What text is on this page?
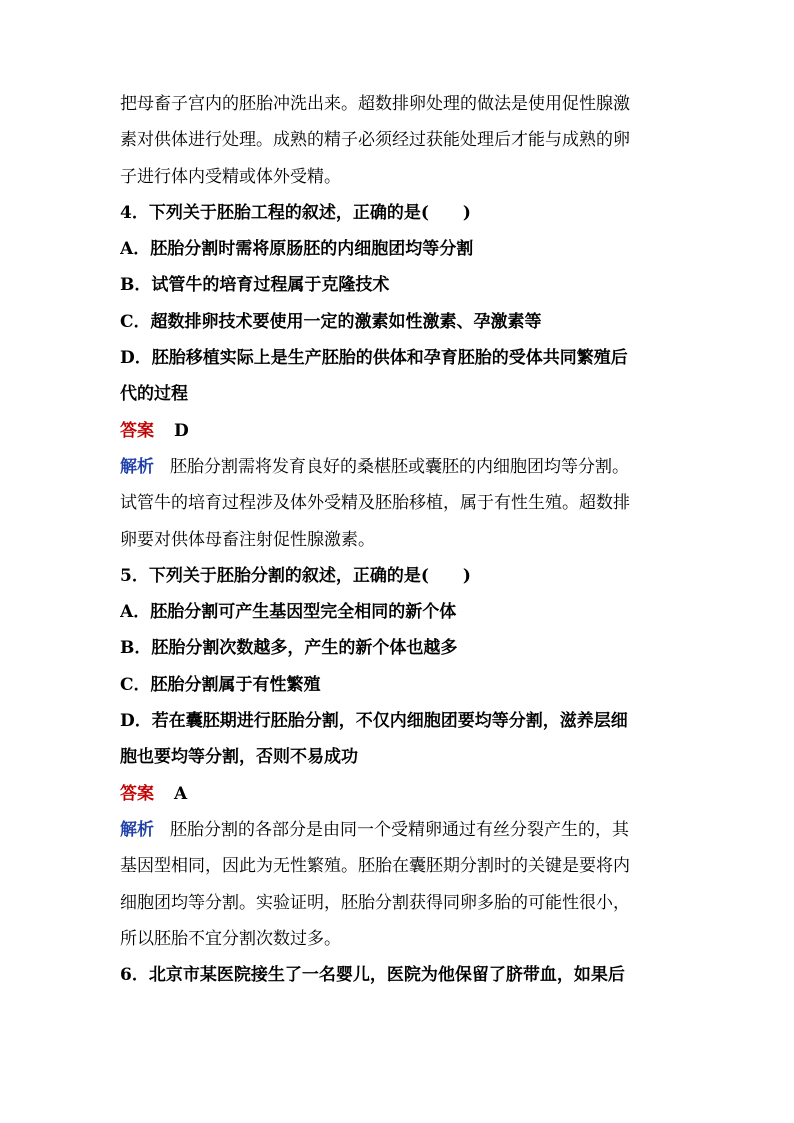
把母畜子宫内的胚胎冲洗出来。超数排卵处理的做法是使用促性腺激
素对供体进行处理。成熟的精子必须经过获能处理后才能与成熟的卵
子进行体内受精或体外受精。
4．下列关于胚胎工程的叙述，正确的是(　　)
A．胚胎分割时需将原肠胚的内细胞团均等分割
B．试管牛的培育过程属于克隆技术
C．超数排卵技术要使用一定的激素如性激素、孕激素等
D．胚胎移植实际上是生产胚胎的供体和孕育胚胎的受体共同繁殖后
代的过程
答案 D
解析 胚胎分割需将发育良好的桑椹胚或囊胚的内细胞团均等分割。
试管牛的培育过程涉及体外受精及胚胎移植，属于有性生殖。超数排
卵要对供体母畜注射促性腺激素。
5．下列关于胚胎分割的叙述，正确的是(　　)
A．胚胎分割可产生基因型完全相同的新个体
B．胚胎分割次数越多，产生的新个体也越多
C．胚胎分割属于有性繁殖
D．若在囊胚期进行胚胎分割，不仅内细胞团要均等分割，滋养层细
胞也要均等分割，否则不易成功
答案 A
解析 胚胎分割的各部分是由同一个受精卵通过有丝分裂产生的，其
基因型相同，因此为无性繁殖。胚胎在囊胚期分割时的关键是要将内
细胞团均等分割。实验证明，胚胎分割获得同卵多胎的可能性很小，
所以胚胎不宜分割次数过多。
6．北京市某医院接生了一名婴儿，医院为他保留了脐带血，如果后
